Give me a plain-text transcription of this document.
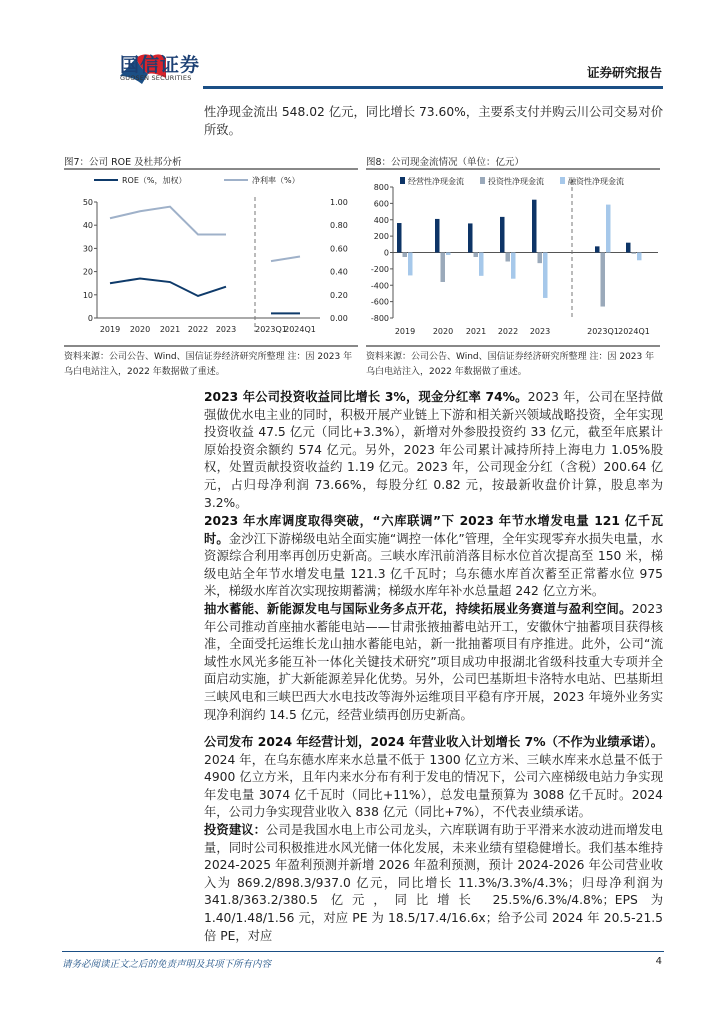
国信证券
GUOSEN SECURITIES	证券研究报告
性净现金流出 548.02 亿元，同比增长 73.60%，主要系支付并购云川公司交易对价所致。
图7：公司 ROE 及杜邦分析
0
10
20
30
40
50
0.00
0.20
0.40
0.60
0.80
1.00
2019 2020 2021 2022 2023 2023Q1
2024Q1
ROE（%，加权）	净利率（%）
资料来源：公司公告、Wind、国信证券经济研究所整理 注：因 2023 年乌白电站注入，2022 年数据做了重述。
图8：公司现金流情况（单位：亿元）
800
600
400
200
0
-200
-400
-600
-800
2019 2020 2021 2022 2023	2023Q1 2024Q1
经营性净现金流	投资性净现金流	融资性净现金流
资料来源：公司公告、Wind、国信证券经济研究所整理 注：因 2023 年乌白电站注入，2022 年数据做了重述。
2023 年公司投资收益同比增长 3%，现金分红率 74%。2023 年，公司在坚持做强做优水电主业的同时，积极开展产业链上下游和相关新兴领域战略投资，全年实现投资收益 47.5 亿元（同比+3.3%），新增对外参股投资约 33 亿元，截至年底累计原始投资余额约 574 亿元。另外，2023 年公司累计减持所持上海电力 1.05%股权，处置贡献投资收益约 1.19 亿元。2023 年，公司现金分红（含税）200.64 亿元，占归母净利润 73.66%，每股分红 0.82 元，按最新收盘价计算，股息率为 3.2%。
2023 年水库调度取得突破，“六库联调”下 2023 年节水增发电量 121 亿千瓦时。金沙江下游梯级电站全面实施“调控一体化”管理，全年实现零弃水损失电量，水资源综合利用率再创历史新高。三峡水库汛前消落目标水位首次提高至 150 米，梯级电站全年节水增发电量 121.3 亿千瓦时；乌东德水库首次蓄至正常蓄水位 975 米，梯级水库首次实现按期蓄满；梯级水库年补水总量超 242 亿立方米。
抽水蓄能、新能源发电与国际业务多点开花，持续拓展业务赛道与盈利空间。2023 年公司推动首座抽水蓄能电站——甘肃张掖抽蓄电站开工，安徽休宁抽蓄项目获得核准，全面受托运维长龙山抽水蓄能电站，新一批抽蓄项目有序推进。此外，公司“流域性水风光多能互补一体化关键技术研究”项目成功申报湖北省级科技重大专项并全面启动实施，扩大新能源差异化优势。另外，公司巴基斯坦卡洛特水电站、巴基斯坦三峡风电和三峡巴西大水电技改等海外运维项目平稳有序开展，2023 年境外业务实现净利润约 14.5 亿元，经营业绩再创历史新高。
公司发布 2024 年经营计划，2024 年营业收入计划增长 7%（不作为业绩承诺）。2024 年，在乌东德水库来水总量不低于 1300 亿立方米、三峡水库来水总量不低于 4900 亿立方米，且年内来水分布有利于发电的情况下，公司六座梯级电站力争实现年发电量 3074 亿千瓦时（同比+11%），总发电量预算为 3088 亿千瓦时。2024 年，公司力争实现营业收入 838 亿元（同比+7%），不代表业绩承诺。
投资建议：公司是我国水电上市公司龙头，六库联调有助于平滑来水波动进而增发电量，同时公司积极推进水风光储一体化发展，未来业绩有望稳健增长。我们基本维持 2024-2025 年盈利预测并新增 2026 年盈利预测，预计 2024-2026 年公司营业收入为 869.2/898.3/937.0 亿元，同比增长 11.3%/3.3%/4.3%；归母净利润为 341.8/363.2/380.5 亿元，同比增长 25.5%/6.3%/4.8%；EPS 为 1.40/1.48/1.56 元，对应 PE 为 18.5/17.4/16.6x；给予公司 2024 年 20.5-21.5 倍 PE，对应
请务必阅读正文之后的免责声明及其项下所有内容	4
